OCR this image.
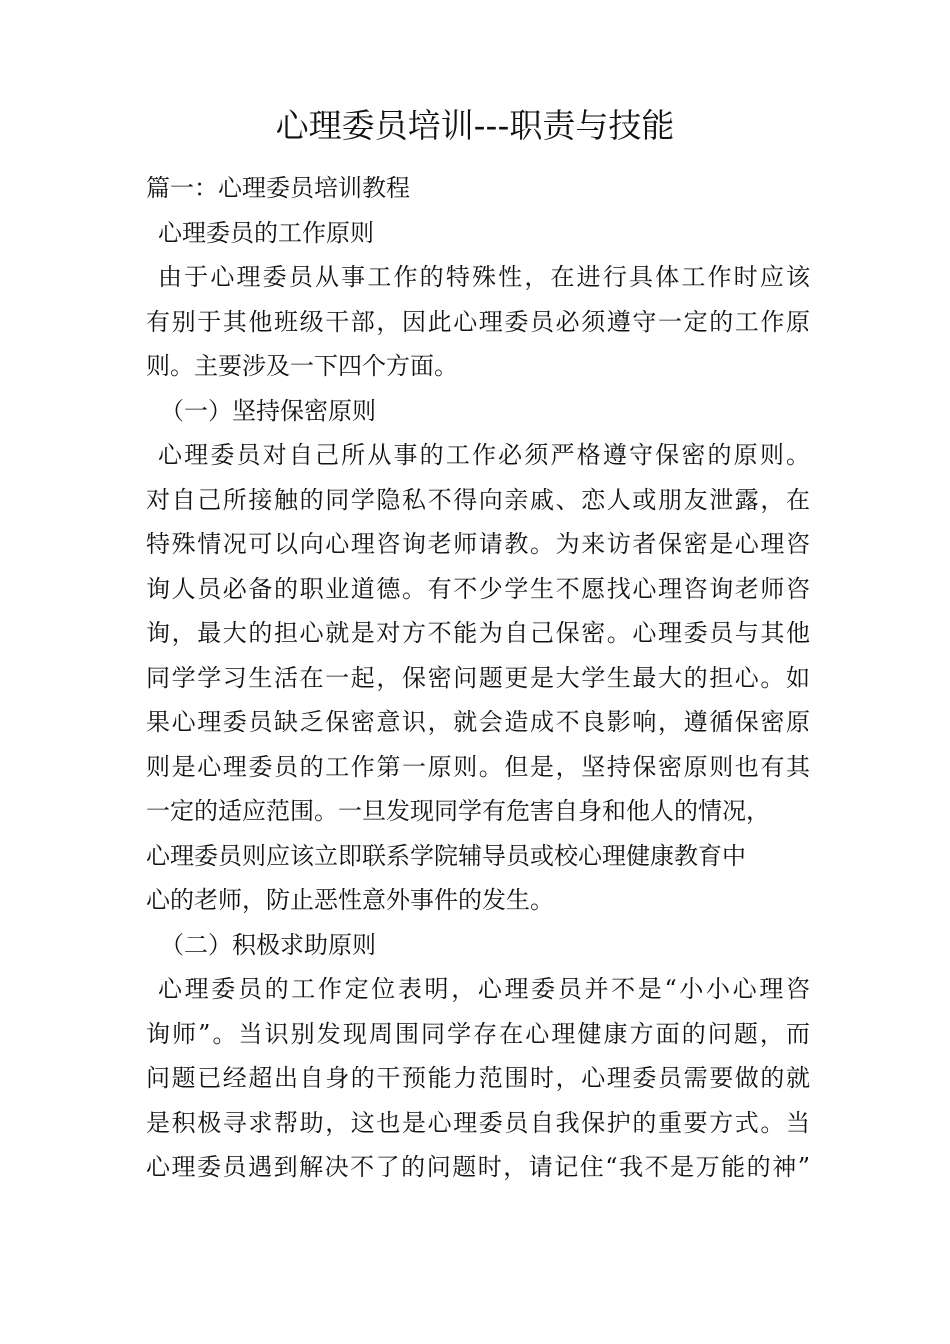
心理委员培训---职责与技能
篇一：心理委员培训教程
心理委员的工作原则
由于心理委员从事工作的特殊性，在进行具体工作时应该
有别于其他班级干部，因此心理委员必须遵守一定的工作原
则。主要涉及一下四个方面。
（一）坚持保密原则
心理委员对自己所从事的工作必须严格遵守保密的原则。
对自己所接触的同学隐私不得向亲戚、恋人或朋友泄露，在
特殊情况可以向心理咨询老师请教。为来访者保密是心理咨
询人员必备的职业道德。有不少学生不愿找心理咨询老师咨
询，最大的担心就是对方不能为自己保密。心理委员与其他
同学学习生活在一起，保密问题更是大学生最大的担心。如
果心理委员缺乏保密意识，就会造成不良影响，遵循保密原
则是心理委员的工作第一原则。但是，坚持保密原则也有其
一定的适应范围。一旦发现同学有危害自身和他人的情况，
心理委员则应该立即联系学院辅导员或校心理健康教育中
心的老师，防止恶性意外事件的发生。
（二）积极求助原则
心理委员的工作定位表明，心理委员并不是“小小心理咨
询师”。当识别发现周围同学存在心理健康方面的问题，而
问题已经超出自身的干预能力范围时，心理委员需要做的就
是积极寻求帮助，这也是心理委员自我保护的重要方式。当
心理委员遇到解决不了的问题时，请记住“我不是万能的神”
